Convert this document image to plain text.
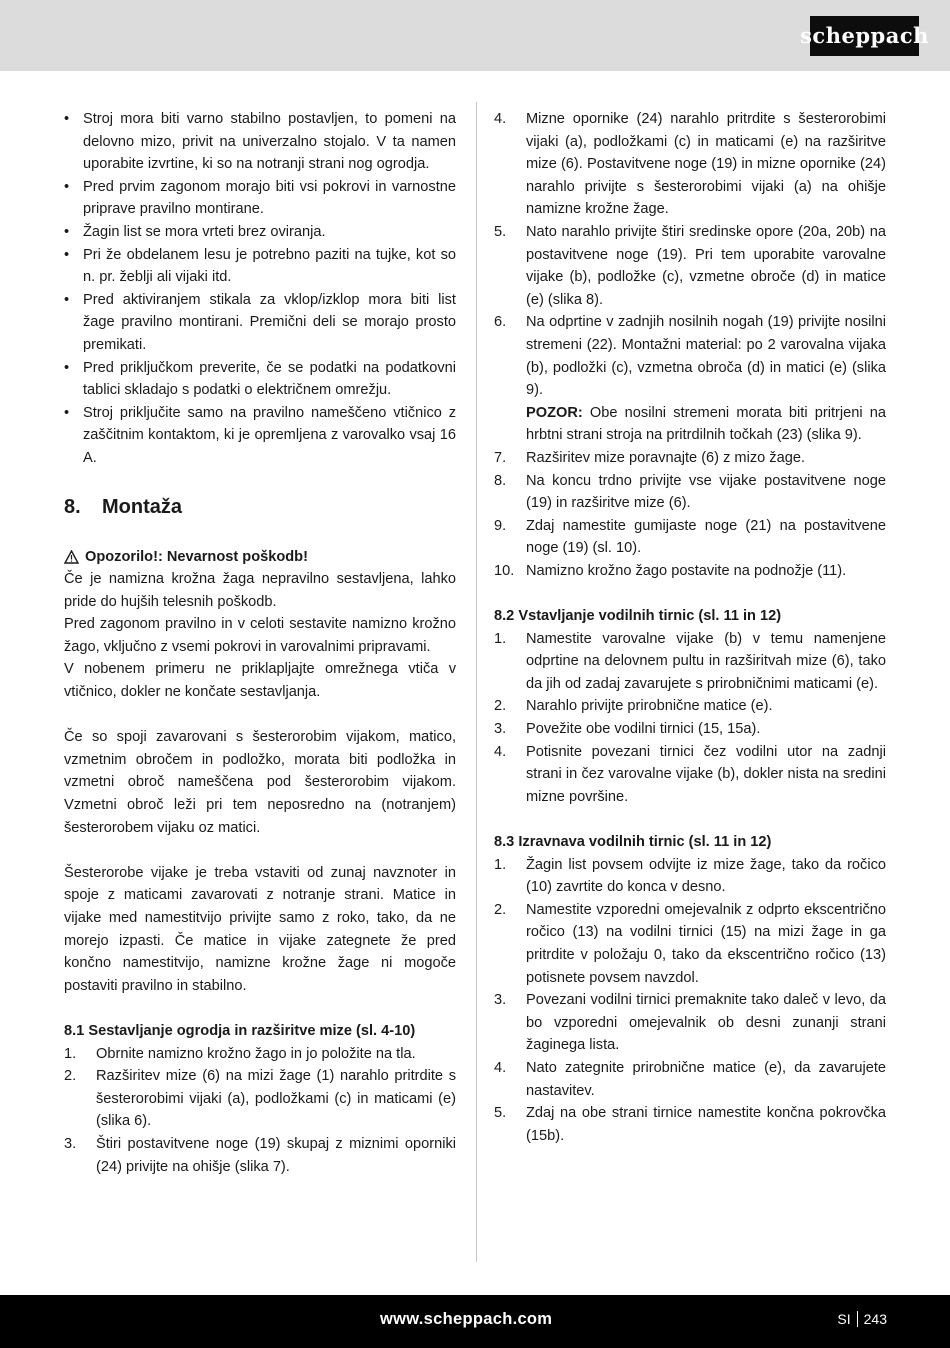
scheppach
• Stroj mora biti varno stabilno postavljen, to pomeni na delovno mizo, privit na univerzalno stojalo. V ta namen uporabite izvrtine, ki so na notranji strani nog ogrodja.
• Pred prvim zagonom morajo biti vsi pokrovi in varnostne priprave pravilno montirane.
• Žagin list se mora vrteti brez oviranja.
• Pri že obdelanem lesu je potrebno paziti na tujke, kot so n. pr. žeblji ali vijaki itd.
• Pred aktiviranjem stikala za vklop/izklop mora biti list žage pravilno montirani. Premični deli se morajo prosto premikati.
• Pred priključkom preverite, če se podatki na podatkovni tablici skladajo s podatki o električnem omrežju.
• Stroj priključite samo na pravilno nameščeno vtičnico z zaščitnim kontaktom, ki je opremljena z varovalko vsaj 16 A.
8.	Montaža
Opozorilo!: Nevarnost poškodb!

Če je namizna krožna žaga nepravilno sestavljena, lahko pride do hujših telesnih poškodb.

Pred zagonom pravilno in v celoti sestavite namizno krožno žago, vključno z vsemi pokrovi in varovalnimi pripravami.

V nobenem primeru ne priklapljajte omrežnega vtiča v vtičnico, dokler ne končate sestavljanja.

Če so spoji zavarovani s šesterorobim vijakom, matico, vzmetnim obročem in podložko, morata biti podložka in vzmetni obroč nameščena pod šesterorobim vijakom. Vzmetni obroč leži pri tem neposredno na (notranjem) šesterorobem vijaku oz matici.

Šesterorobe vijake je treba vstaviti od zunaj navznoter in spoje z maticami zavarovati z notranje strani. Matice in vijake med namestitvijo privijte samo z roko, tako, da ne morejo izpasti. Če matice in vijake zategnete že pred končno namestitvijo, namizne krožne žage ni mogoče postaviti pravilno in stabilno.

8.1 Sestavljanje ogrodja in razširitve mize (sl. 4-10)
1. Obrnite namizno krožno žago in jo položite na tla.
2. Razširitev mize (6) na mizi žage (1) narahlo pritrdite s šesterorobimi vijaki (a), podložkami (c) in maticami (e) (slika 6).
3. Štiri postavitvene noge (19) skupaj z miznimi oporniki (24) privijte na ohišje (slika 7).
4. Mizne opornike (24) narahlo pritrdite s šesterorobimi vijaki (a), podložkami (c) in maticami (e) na razširitve mize (6). Postavitvene noge (19) in mizne opornike (24) narahlo privijte s šesterorobimi vijaki (a) na ohišje namizne krožne žage.
5. Nato narahlo privijte štiri sredinske opore (20a, 20b) na postavitvene noge (19). Pri tem uporabite varovalne vijake (b), podložke (c), vzmetne obroče (d) in matice (e) (slika 8).
6. Na odprtine v zadnjih nosilnih nogah (19) privijte nosilni stremeni (22). Montažni material: po 2 varovalna vijaka (b), podložki (c), vzmetna obroča (d) in matici (e) (slika 9).
POZOR: Obe nosilni stremeni morata biti pritrjeni na hrbtni strani stroja na pritrdilnih točkah (23) (slika 9).
7. Razširitev mize poravnajte (6) z mizo žage.
8. Na koncu trdno privijte vse vijake postavitvene noge (19) in razširitve mize (6).
9. Zdaj namestite gumijaste noge (21) na postavitvene noge (19) (sl. 10).
10. Namizno krožno žago postavite na podnožje (11).
8.2 Vstavljanje vodilnih tirnic (sl. 11 in 12)
1. Namestite varovalne vijake (b) v temu namenjene odprtine na delovnem pultu in razširitvah mize (6), tako da jih od zadaj zavarujete s prirobničnimi maticami (e).
2. Narahlo privijte prirobnične matice (e).
3. Povežite obe vodilni tirnici (15, 15a).
4. Potisnite povezani tirnici čez vodilni utor na zadnji strani in čez varovalne vijake (b), dokler nista na sredini mizne površine.
8.3 Izravnava vodilnih tirnic (sl. 11 in 12)
1. Žagin list povsem odvijte iz mize žage, tako da ročico (10) zavrtite do konca v desno.
2. Namestite vzporedni omejevalnik z odprto ekscentrično ročico (13) na vodilni tirnici (15) na mizi žage in ga pritrdite v položaju 0, tako da ekscentrično ročico (13) potisnete povsem navzdol.
3. Povezani vodilni tirnici premaknite tako daleč v levo, da bo vzporedni omejevalnik ob desni zunanji strani žaginega lista.
4. Nato zategnite prirobnične matice (e), da zavarujete nastavitev.
5. Zdaj na obe strani tirnice namestite končna pokrovčka (15b).
www.scheppach.com	SI 243
